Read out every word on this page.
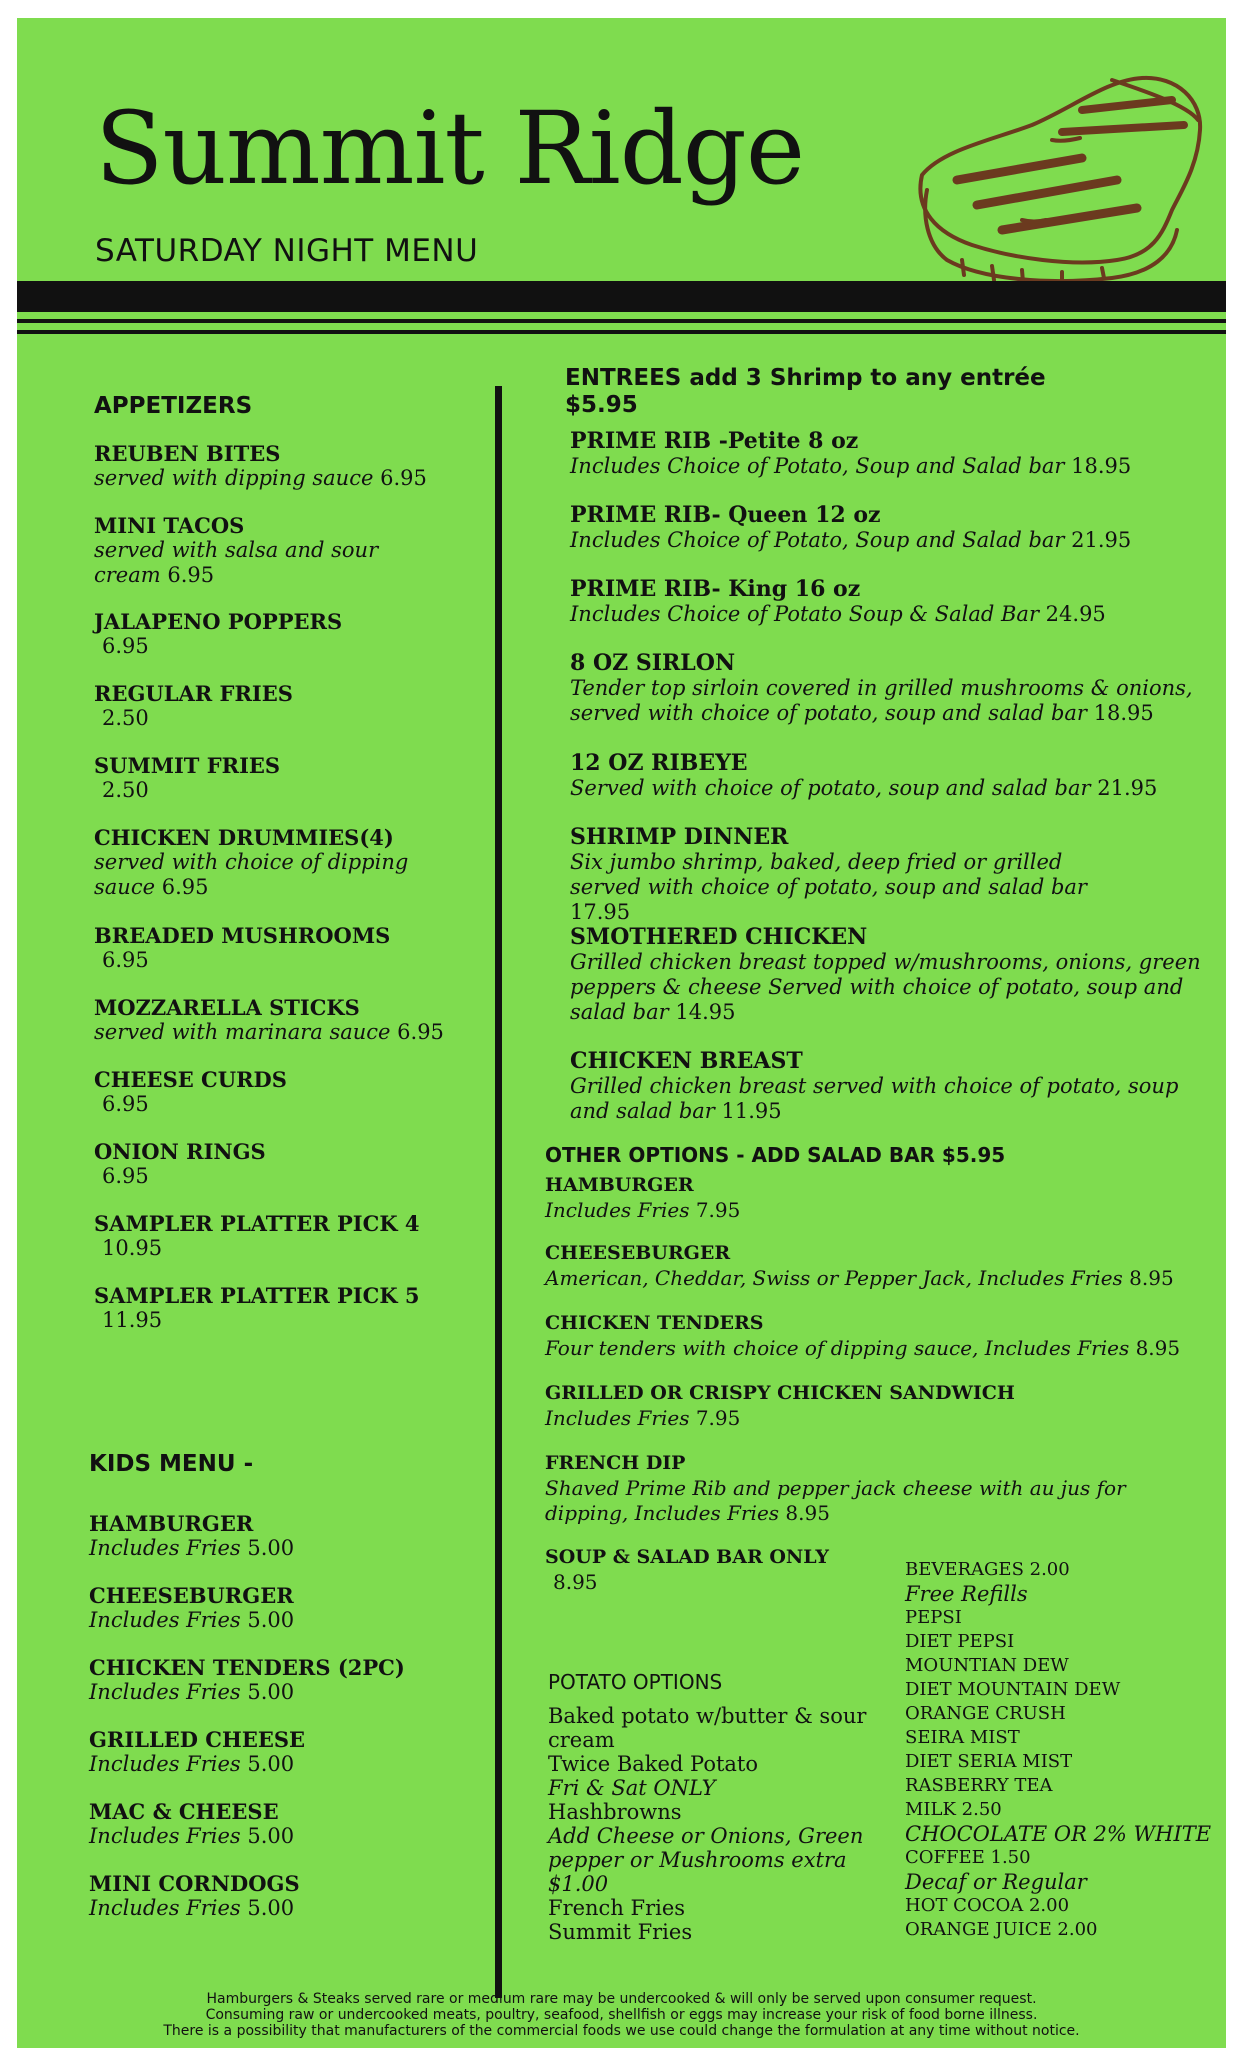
Summit Ridge
SATURDAY NIGHT MENU
APPETIZERS
REUBEN BITES
served with dipping sauce 6.95
MINI TACOS
served with salsa and sour cream 6.95
JALAPENO POPPERS
6.95
REGULAR FRIES
2.50
SUMMIT FRIES
2.50
CHICKEN DRUMMIES(4)
served with choice of dipping sauce 6.95
BREADED MUSHROOMS
6.95
MOZZARELLA STICKS
served with marinara sauce 6.95
CHEESE CURDS
6.95
ONION RINGS
6.95
SAMPLER PLATTER PICK 4
10.95
SAMPLER PLATTER PICK 5
11.95
KIDS MENU -
HAMBURGER
Includes Fries 5.00
CHEESEBURGER
Includes Fries 5.00
CHICKEN TENDERS (2PC)
Includes Fries 5.00
GRILLED CHEESE
Includes Fries 5.00
MAC & CHEESE
Includes Fries 5.00
MINI CORNDOGS
Includes Fries 5.00
ENTREES add 3 Shrimp to any entrée
$5.95
PRIME RIB -Petite 8 oz
Includes Choice of Potato, Soup and Salad bar 18.95
PRIME RIB- Queen 12 oz
Includes Choice of Potato, Soup and Salad bar 21.95
PRIME RIB- King 16 oz
Includes Choice of Potato Soup & Salad Bar 24.95
8 OZ SIRLON
Tender top sirloin covered in grilled mushrooms & onions, served with choice of potato, soup and salad bar 18.95
12 OZ RIBEYE
Served with choice of potato, soup and salad bar 21.95
SHRIMP DINNER
Six jumbo shrimp, baked, deep fried or grilled served with choice of potato, soup and salad bar 17.95
SMOTHERED CHICKEN
Grilled chicken breast topped w/mushrooms, onions, green peppers & cheese Served with choice of potato, soup and salad bar 14.95
CHICKEN BREAST
Grilled chicken breast served with choice of potato, soup and salad bar 11.95
OTHER OPTIONS - ADD SALAD BAR $5.95
HAMBURGER
Includes Fries 7.95
CHEESEBURGER
American, Cheddar, Swiss or Pepper Jack, Includes Fries 8.95
CHICKEN TENDERS
Four tenders with choice of dipping sauce, Includes Fries 8.95
GRILLED OR CRISPY CHICKEN SANDWICH
Includes Fries 7.95
FRENCH DIP
Shaved Prime Rib and pepper jack cheese with au jus for dipping, Includes Fries 8.95
SOUP & SALAD BAR ONLY
8.95
POTATO OPTIONS
Baked potato w/butter & sour cream
Twice Baked Potato
Fri & Sat ONLY
Hashbrowns
Add Cheese or Onions, Green pepper or Mushrooms extra $1.00
French Fries
Summit Fries
BEVERAGES 2.00
Free Refills
PEPSI
DIET PEPSI
MOUNTIAN DEW
DIET MOUNTAIN DEW
ORANGE CRUSH
SEIRA MIST
DIET SERIA MIST
RASBERRY TEA
MILK 2.50
CHOCOLATE OR 2% WHITE
COFFEE 1.50
Decaf or Regular
HOT COCOA 2.00
ORANGE JUICE 2.00
Hamburgers & Steaks served rare or medium rare may be undercooked & will only be served upon consumer request.
Consuming raw or undercooked meats, poultry, seafood, shellfish or eggs may increase your risk of food borne illness.
There is a possibility that manufacturers of the commercial foods we use could change the formulation at any time without notice.
